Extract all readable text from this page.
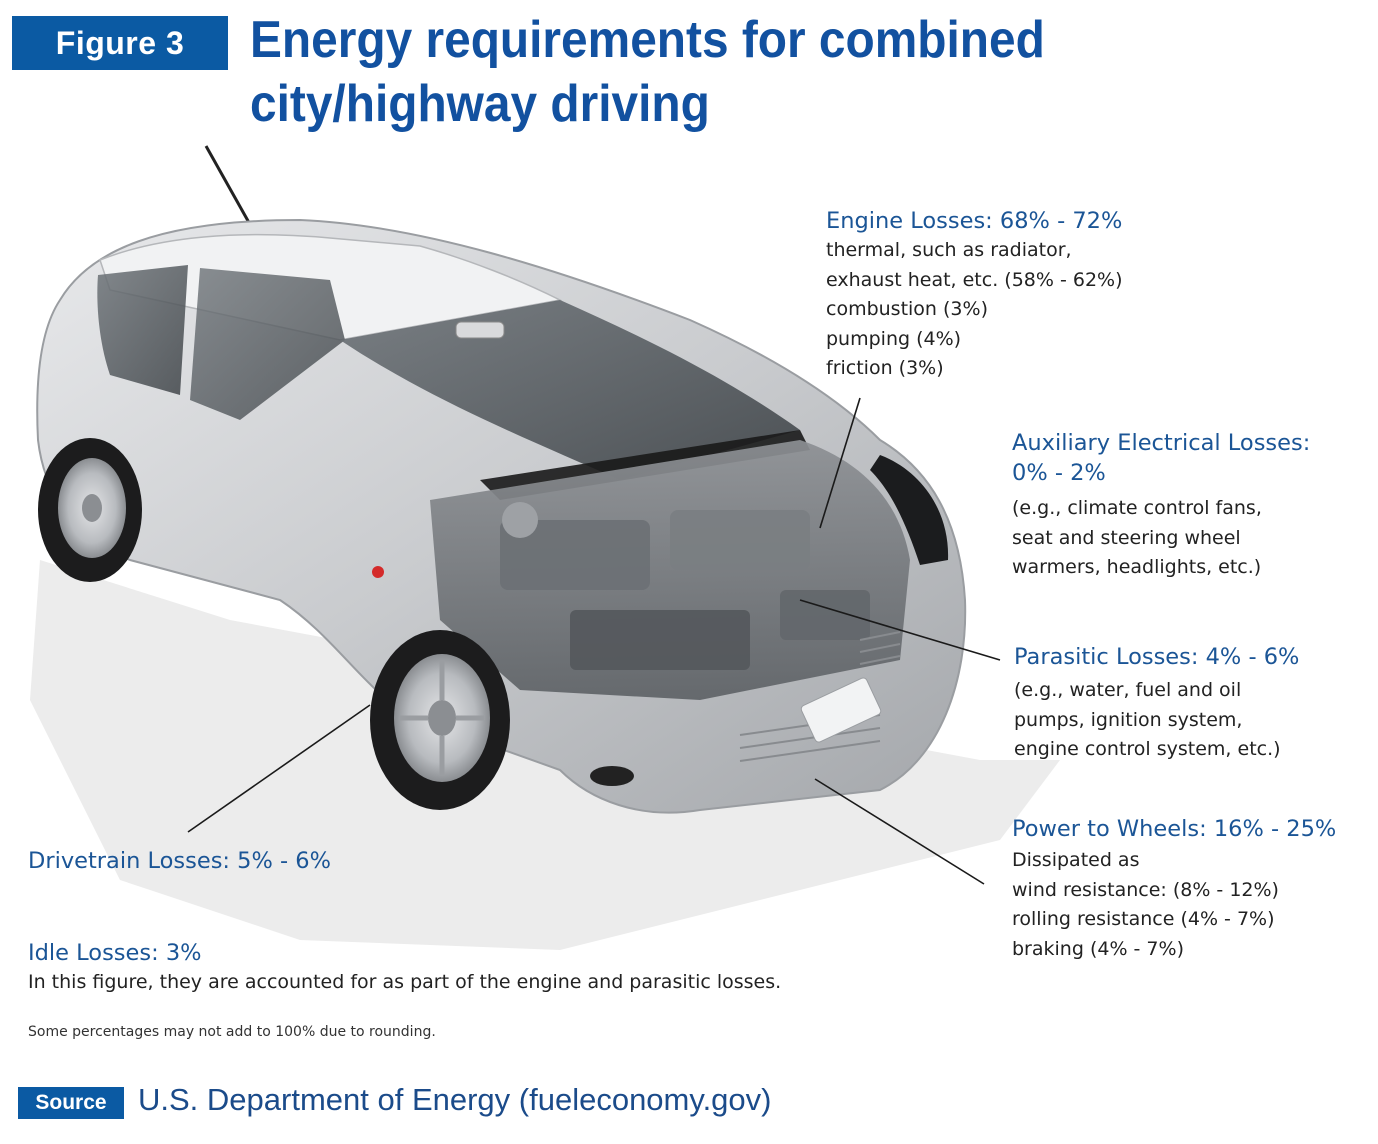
Figure 3	Energy requirements for combined
city/highway driving
Engine Losses: 68% - 72%
thermal, such as radiator,
exhaust heat, etc. (58% - 62%)
combustion (3%)
pumping (4%)
friction (3%)
Auxiliary Electrical Losses:
0% - 2%
(e.g., climate control fans,
seat and steering wheel
warmers, headlights, etc.)
Parasitic Losses: 4% - 6%
(e.g., water, fuel and oil
pumps, ignition system,
engine control system, etc.)
Power to Wheels: 16% - 25%
Dissipated as
wind resistance: (8% - 12%)
rolling resistance (4% - 7%)
braking (4% - 7%)
Drivetrain Losses: 5% - 6%
Idle Losses: 3%
In this figure, they are accounted for as part of the engine and parasitic losses.
Some percentages may not add to 100% due to rounding.
Source	U.S. Department of Energy (fueleconomy.gov)
